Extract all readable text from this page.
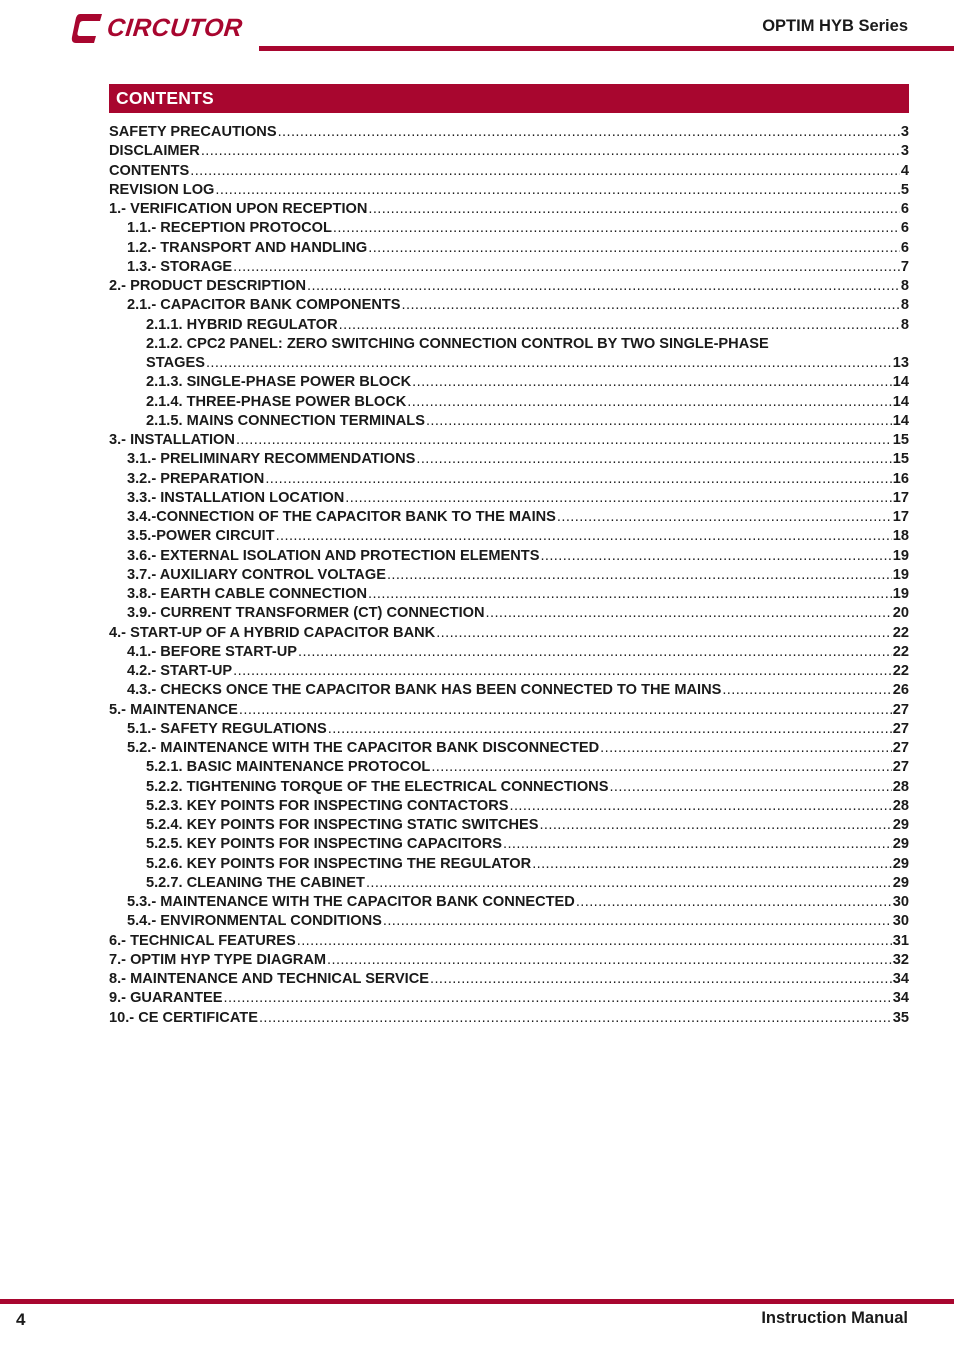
CIRCUTOR	OPTIM HYB Series
CONTENTS
SAFETY PRECAUTIONS .....	3
DISCLAIMER .....	3
CONTENTS .....	4
REVISION LOG .....	5
1.- VERIFICATION UPON RECEPTION .....	6
1.1.- RECEPTION PROTOCOL .....	6
1.2.- TRANSPORT AND HANDLING .....	6
1.3.- STORAGE .....	7
2.- PRODUCT DESCRIPTION .....	8
2.1.- CAPACITOR BANK COMPONENTS .....	8
2.1.1. HYBRID REGULATOR .....	8
2.1.2. CPC2 PANEL: ZERO SWITCHING CONNECTION CONTROL BY TWO SINGLE-PHASE
STAGES .....	13
2.1.3. SINGLE-PHASE POWER BLOCK .....	14
2.1.4. THREE-PHASE POWER BLOCK .....	14
2.1.5. MAINS CONNECTION TERMINALS .....	14
3.- INSTALLATION .....	15
3.1.- PRELIMINARY RECOMMENDATIONS .....	15
3.2.- PREPARATION .....	16
3.3.- INSTALLATION LOCATION .....	17
3.4.-CONNECTION OF THE CAPACITOR BANK TO THE MAINS .....	17
3.5.-POWER CIRCUIT .....	18
3.6.- EXTERNAL ISOLATION AND PROTECTION ELEMENTS .....	19
3.7.- AUXILIARY CONTROL VOLTAGE .....	19
3.8.- EARTH CABLE CONNECTION .....	19
3.9.- CURRENT TRANSFORMER (CT) CONNECTION .....	20
4.- START-UP OF A HYBRID CAPACITOR BANK .....	22
4.1.- BEFORE START-UP .....	22
4.2.- START-UP .....	22
4.3.- CHECKS ONCE THE CAPACITOR BANK HAS BEEN CONNECTED TO THE MAINS .....	26
5.- MAINTENANCE .....	27
5.1.- SAFETY REGULATIONS .....	27
5.2.- MAINTENANCE WITH THE CAPACITOR BANK DISCONNECTED .....	27
5.2.1. BASIC MAINTENANCE PROTOCOL .....	27
5.2.2. TIGHTENING TORQUE OF THE ELECTRICAL CONNECTIONS .....	28
5.2.3. KEY POINTS FOR INSPECTING CONTACTORS .....	28
5.2.4. KEY POINTS FOR INSPECTING STATIC SWITCHES .....	29
5.2.5. KEY POINTS FOR INSPECTING CAPACITORS .....	29
5.2.6. KEY POINTS FOR INSPECTING THE REGULATOR .....	29
5.2.7. CLEANING THE CABINET .....	29
5.3.- MAINTENANCE WITH THE CAPACITOR BANK CONNECTED .....	30
5.4.- ENVIRONMENTAL CONDITIONS .....	30
6.- TECHNICAL FEATURES .....	31
7.- OPTIM HYP TYPE DIAGRAM .....	32
8.- MAINTENANCE AND TECHNICAL SERVICE .....	34
9.- GUARANTEE .....	34
10.- CE CERTIFICATE .....	35
4	Instruction Manual
